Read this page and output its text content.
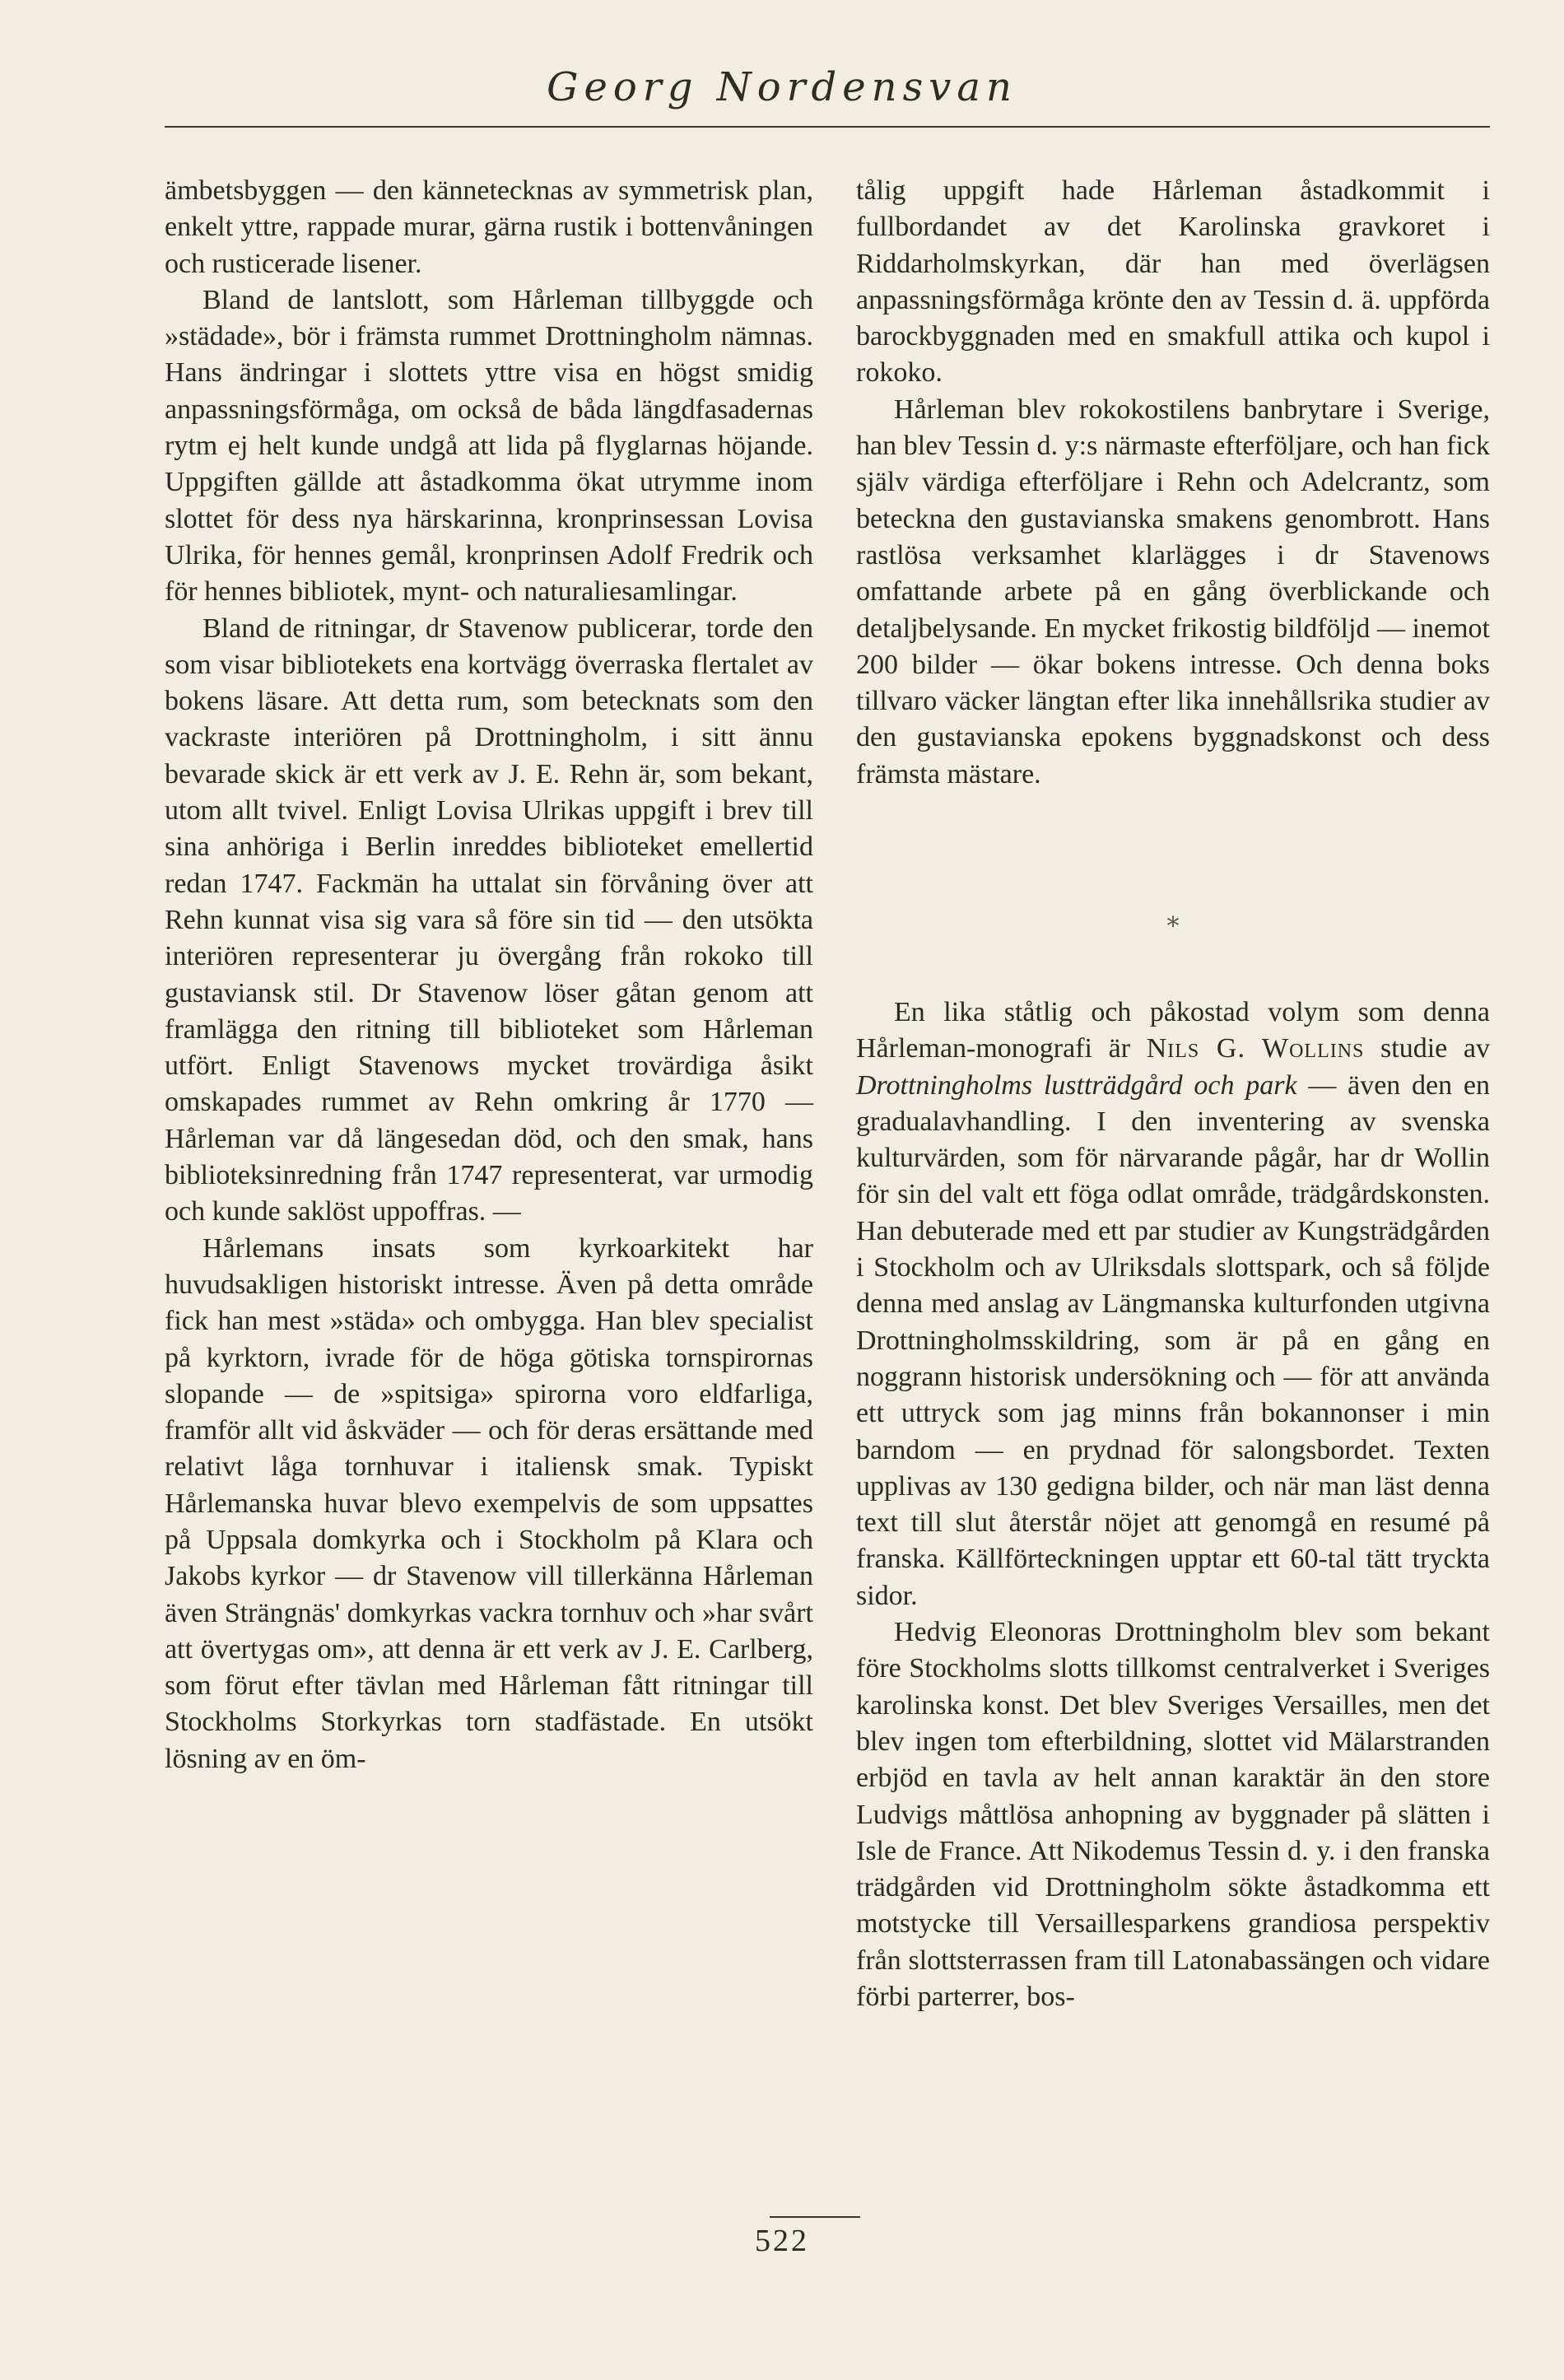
Georg Nordensvan

ämbetsbyggen — den kännetecknas av symmetrisk plan, enkelt yttre, rappade murar, gärna rustik i bottenvåningen och rusticerade lisener.

Bland de lantslott, som Hårleman tillbyggde och »städade», bör i främsta rummet Drottningholm nämnas. Hans ändringar i slottets yttre visa en högst smidig anpassningsförmåga, om också de båda längdfasadernas rytm ej helt kunde undgå att lida på flyglarnas höjande. Uppgiften gällde att åstadkomma ökat utrymme inom slottet för dess nya härskarinna, kronprinsessan Lovisa Ulrika, för hennes gemål, kronprinsen Adolf Fredrik och för hennes bibliotek, mynt- och naturaliesamlingar.

Bland de ritningar, dr Stavenow publicerar, torde den som visar bibliotekets ena kortvägg överraska flertalet av bokens läsare. Att detta rum, som betecknats som den vackraste interiören på Drottningholm, i sitt ännu bevarade skick är ett verk av J. E. Rehn är, som bekant, utom allt tvivel. Enligt Lovisa Ulrikas uppgift i brev till sina anhöriga i Berlin inreddes biblioteket emellertid redan 1747. Fackmän ha uttalat sin förvåning över att Rehn kunnat visa sig vara så före sin tid — den utsökta interiören representerar ju övergång från rokoko till gustaviansk stil. Dr Stavenow löser gåtan genom att framlägga den ritning till biblioteket som Hårleman utfört. Enligt Stavenows mycket trovärdiga åsikt omskapades rummet av Rehn omkring år 1770 — Hårleman var då längesedan död, och den smak, hans biblioteksinredning från 1747 representerat, var urmodig och kunde saklöst uppoffras. —

Hårlemans insats som kyrkoarkitekt har huvudsakligen historiskt intresse. Även på detta område fick han mest »städa» och ombygga. Han blev specialist på kyrktorn, ivrade för de höga götiska tornspirornas slopande — de »spitsiga» spirorna voro eldfarliga, framför allt vid åskväder — och för deras ersättande med relativt låga tornhuvar i italiensk smak. Typiskt Hårlemanska huvar blevo exempelvis de som uppsattes på Uppsala domkyrka och i Stockholm på Klara och Jakobs kyrkor — dr Stavenow vill tillerkänna Hårleman även Strängnäs' domkyrkas vackra tornhuv och »har svårt att övertygas om», att denna är ett verk av J. E. Carlberg, som förut efter tävlan med Hårleman fått ritningar till Stockholms Storkyrkas torn stadfästade. En utsökt lösning av en öm-

tålig uppgift hade Hårleman åstadkommit i fullbordandet av det Karolinska gravkoret i Riddarholmskyrkan, där han med överlägsen anpassningsförmåga krönte den av Tessin d. ä. uppförda barockbyggnaden med en smakfull attika och kupol i rokoko.

Hårleman blev rokokostilens banbrytare i Sverige, han blev Tessin d. y:s närmaste efterföljare, och han fick själv värdiga efterföljare i Rehn och Adelcrantz, som beteckna den gustavianska smakens genombrott. Hans rastlösa verksamhet klarlägges i dr Stavenows omfattande arbete på en gång överblickande och detaljbelysande. En mycket frikostig bildföljd — inemot 200 bilder — ökar bokens intresse. Och denna boks tillvaro väcker längtan efter lika innehållsrika studier av den gustavianska epokens byggnadskonst och dess främsta mästare.

*

En lika ståtlig och påkostad volym som denna Hårleman-monografi är Nils G. Wollins studie av Drottningholms lustträdgård och park — även den en gradualavhandling. I den inventering av svenska kulturvärden, som för närvarande pågår, har dr Wollin för sin del valt ett föga odlat område, trädgårdskonsten. Han debuterade med ett par studier av Kungsträdgården i Stockholm och av Ulriksdals slottspark, och så följde denna med anslag av Längmanska kulturfonden utgivna Drottningholmsskildring, som är på en gång en noggrann historisk undersökning och — för att använda ett uttryck som jag minns från bokannonser i min barndom — en prydnad för salongsbordet. Texten upplivas av 130 gedigna bilder, och när man läst denna text till slut återstår nöjet att genomgå en resumé på franska. Källförteckningen upptar ett 60-tal tätt tryckta sidor.

Hedvig Eleonoras Drottningholm blev som bekant före Stockholms slotts tillkomst centralverket i Sveriges karolinska konst. Det blev Sveriges Versailles, men det blev ingen tom efterbildning, slottet vid Mälarstranden erbjöd en tavla av helt annan karaktär än den store Ludvigs måttlösa anhopning av byggnader på slätten i Isle de France. Att Nikodemus Tessin d. y. i den franska trädgården vid Drottningholm sökte åstadkomma ett motstycke till Versaillesparkens grandiosa perspektiv från slottsterrassen fram till Latonabassängen och vidare förbi parterrer, bos-

522
